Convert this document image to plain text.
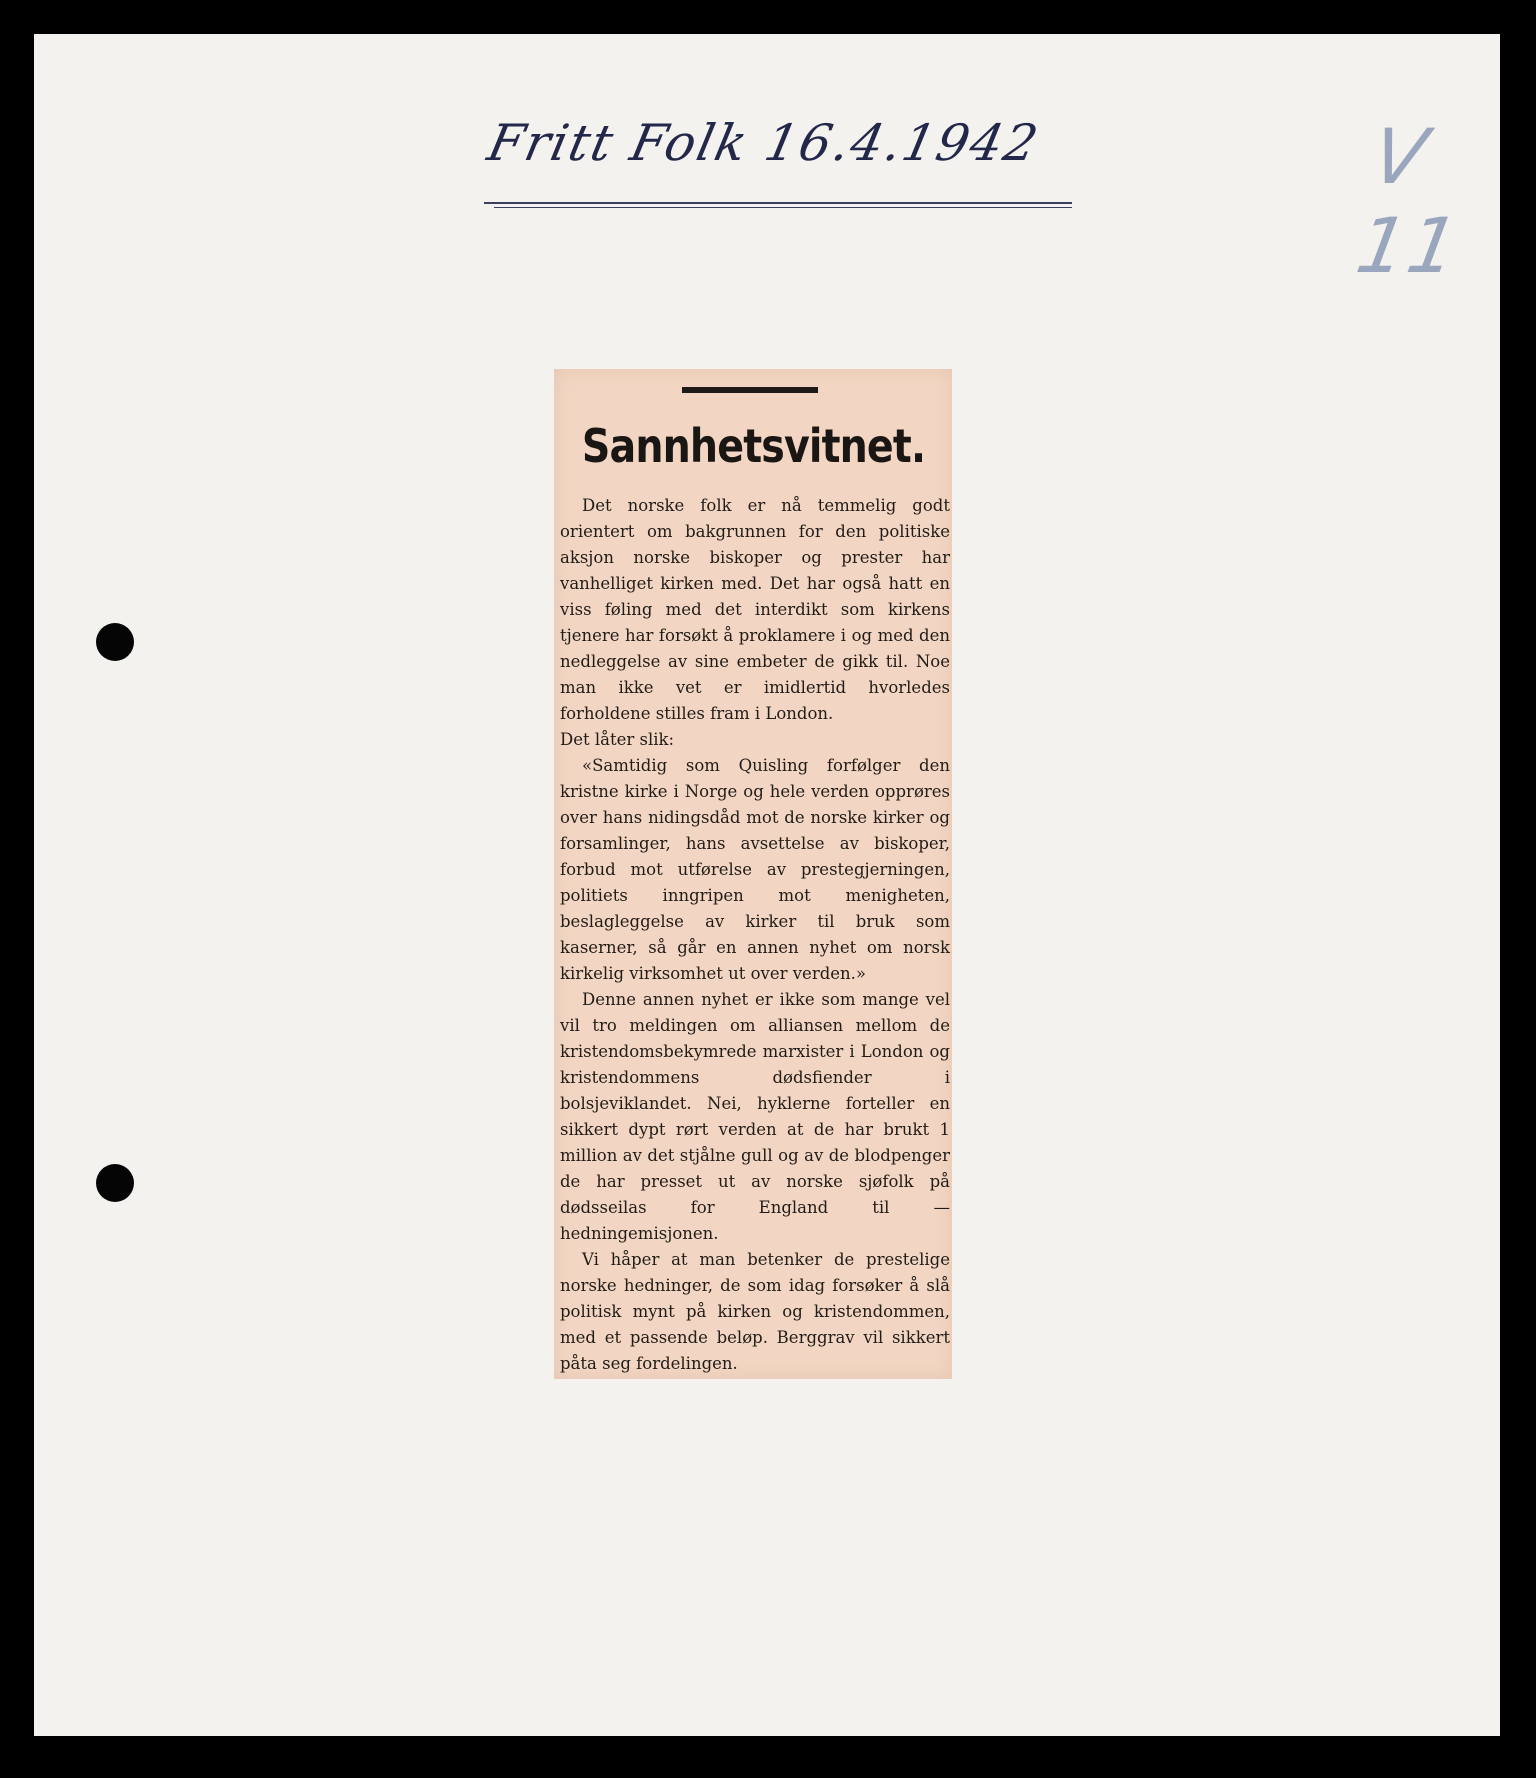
Fritt Folk 16.4.1942	V 11
Sannhetsvitnet.

Det norske folk er nå temmelig godt orientert om bakgrunnen for den politiske aksjon norske biskoper og prester har vanhelliget kirken med. Det har også hatt en viss føling med det interdikt som kirkens tjenere har forsøkt å proklamere i og med den nedleggelse av sine embeter de gikk til. Noe man ikke vet er imidlertid hvorledes forholdene stilles fram i London.

Det låter slik:

«Samtidig som Quisling forfølger den kristne kirke i Norge og hele verden opprøres over hans nidingsdåd mot de norske kirker og forsamlinger, hans avsettelse av biskoper, forbud mot utførelse av prestegjerningen, politiets inngripen mot menigheten, beslagleggelse av kirker til bruk som kaserner, så går en annen nyhet om norsk kirkelig virksomhet ut over verden.»

Denne annen nyhet er ikke som mange vel vil tro meldingen om alliansen mellom de kristendomsbekymrede marxister i London og kristendommens dødsfiender i bolsjeviklandet. Nei, hyklerne forteller en sikkert dypt rørt verden at de har brukt 1 million av det stjålne gull og av de blodpenger de har presset ut av norske sjøfolk på dødsseilas for England til — hedningemisjonen.

Vi håper at man betenker de prestelige norske hedninger, de som idag forsøker å slå politisk mynt på kirken og kristendommen, med et passende beløp. Berggrav vil sikkert påta seg fordelingen.
